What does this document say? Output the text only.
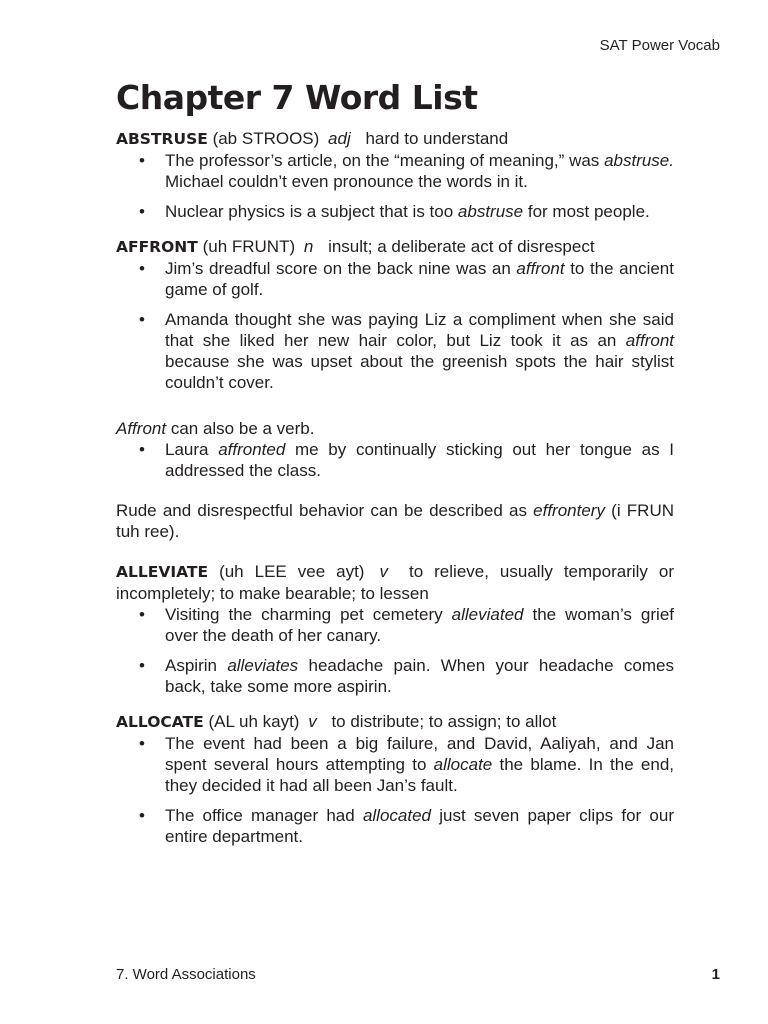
SAT Power Vocab
Chapter 7 Word List

ABSTRUSE (ab STROOS) adj hard to understand

• The professor’s article, on the “meaning of meaning,” was abstruse. Michael couldn’t even pronounce the words in it.
• Nuclear physics is a subject that is too abstruse for most people.

AFFRONT (uh FRUNT) n insult; a deliberate act of disrespect

• Jim’s dreadful score on the back nine was an affront to the ancient game of golf.
• Amanda thought she was paying Liz a compliment when she said that she liked her new hair color, but Liz took it as an affront because she was upset about the greenish spots the hair stylist couldn’t cover.

Affront can also be a verb.

• Laura affronted me by continually sticking out her tongue as I addressed the class.

Rude and disrespectful behavior can be described as effrontery (i FRUN tuh ree).

ALLEVIATE (uh LEE vee ayt) v to relieve, usually temporarily or incompletely; to make bearable; to lessen

• Visiting the charming pet cemetery alleviated the woman’s grief over the death of her canary.
• Aspirin alleviates headache pain. When your headache comes back, take some more aspirin.

ALLOCATE (AL uh kayt) v to distribute; to assign; to allot

• The event had been a big failure, and David, Aaliyah, and Jan spent several hours attempting to allocate the blame. In the end, they decided it had all been Jan’s fault.
• The office manager had allocated just seven paper clips for our entire department.
7. Word Associations	1
